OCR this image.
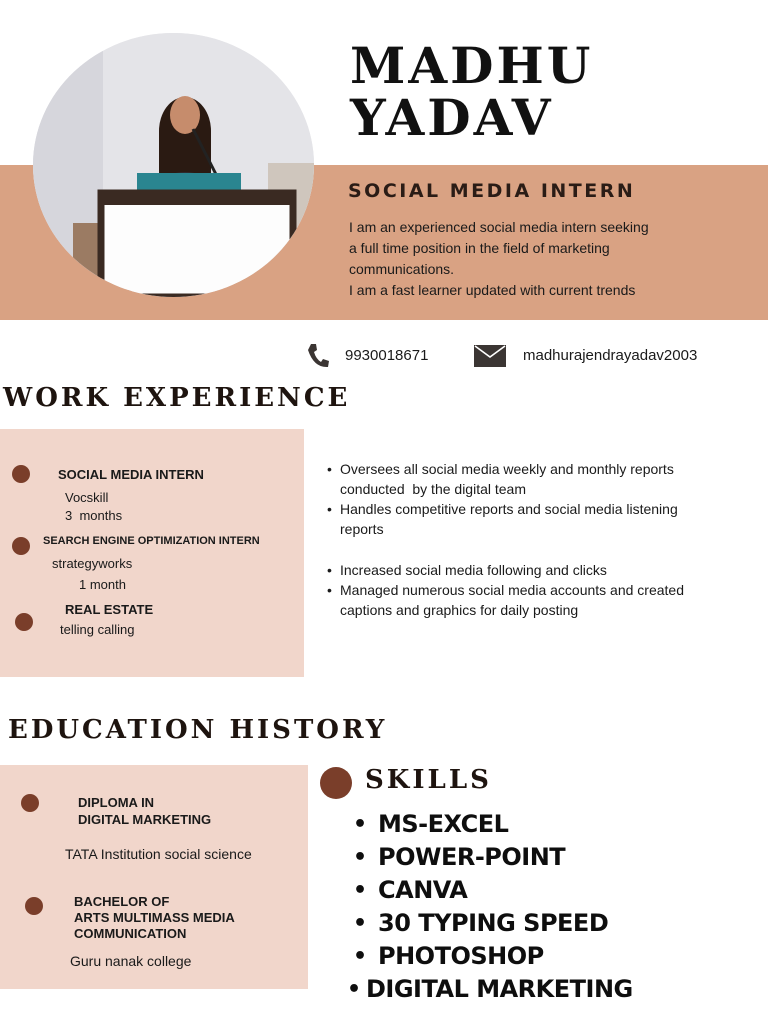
MADHU
YADAV
SOCIAL MEDIA INTERN
I am an experienced social media intern seeking
a full time position in the field of marketing
communications.
I am a fast learner updated with current trends
9930018671	madhurajendrayadav2003
WORK EXPERIENCE
SOCIAL MEDIA INTERN
Vocskill
3  months
SEARCH ENGINE OPTIMIZATION INTERN
strategyworks
1 month
REAL ESTATE
telling calling
• Oversees all social media weekly and monthly reports
conducted  by the digital team
• Handles competitive reports and social media listening
reports
• Increased social media following and clicks
• Managed numerous social media accounts and created
captions and graphics for daily posting
EDUCATION HISTORY
DIPLOMA IN
DIGITAL MARKETING
TATA Institution social science
BACHELOR OF
ARTS MULTIMASS MEDIA
COMMUNICATION
Guru nanak college
SKILLS
• MS-EXCEL
• POWER-POINT
• CANVA
• 30 TYPING SPEED
• PHOTOSHOP
• DIGITAL MARKETING
